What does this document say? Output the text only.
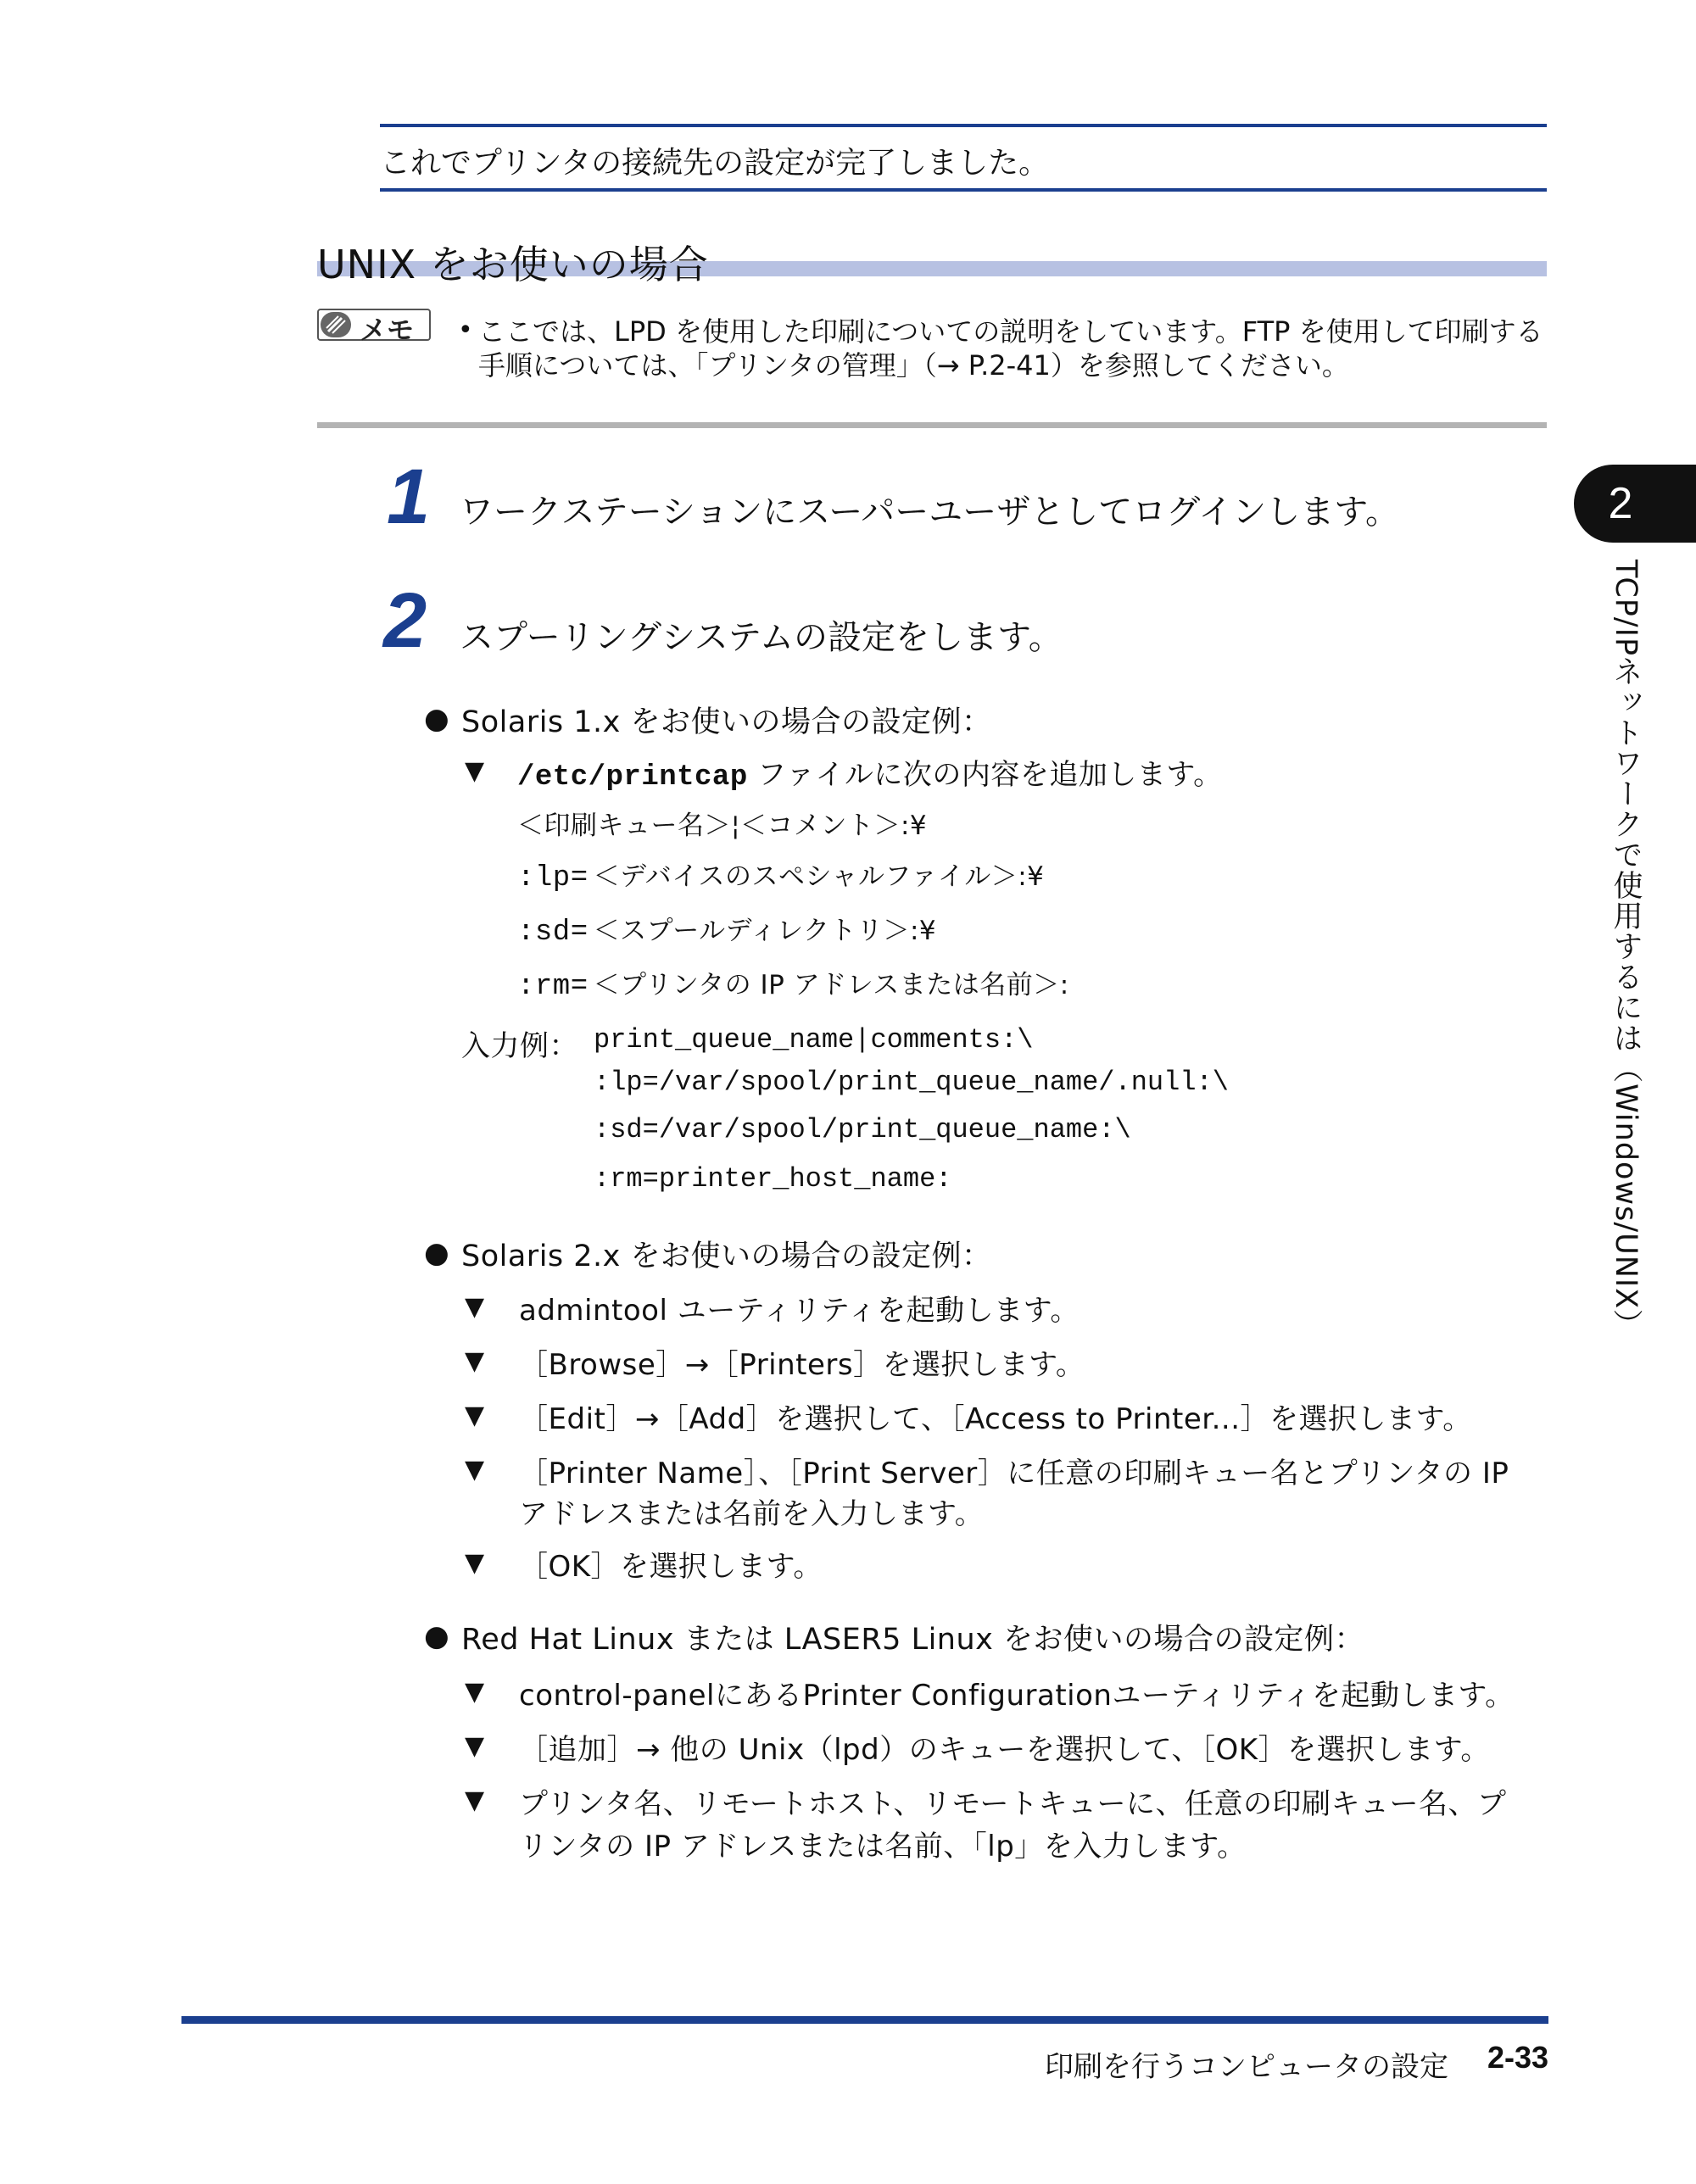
これでプリンタの接続先の設定が完了しました。
UNIX をお使いの場合
メモ • ここでは、LPD を使用した印刷についての説明をしています。FTP を使用して印刷する
手順については、「プリンタの管理」（→ P.2-41）を参照してください。
1 ワークステーションにスーパーユーザとしてログインします。
2 スプーリングシステムの設定をします。
● Solaris 1.x をお使いの場合の設定例：
▼ /etc/printcap ファイルに次の内容を追加します。
＜印刷キュー名＞¦＜コメント＞:¥
:lp= ＜デバイスのスペシャルファイル＞:¥
:sd= ＜スプールディレクトリ＞:¥
:rm= ＜プリンタの IP アドレスまたは名前＞:
入力例： print_queue_name|comments:\
:lp=/var/spool/print_queue_name/.null:\
:sd=/var/spool/print_queue_name:\
:rm=printer_host_name:
● Solaris 2.x をお使いの場合の設定例：
▼ admintool ユーティリティを起動します。
▼ ［Browse］→［Printers］を選択します。
▼ ［Edit］→［Add］を選択して、［Access to Printer...］を選択します。
▼ ［Printer Name］、［Print Server］に任意の印刷キュー名とプリンタの IP
アドレスまたは名前を入力します。
▼ ［OK］を選択します。
● Red Hat Linux または LASER5 Linux をお使いの場合の設定例：
▼ control-panelにあるPrinter Configurationユーティリティを起動します。
▼ ［追加］→ 他の Unix（lpd）のキューを選択して、［OK］を選択します。
▼ プリンタ名、リモートホスト、リモートキューに、任意の印刷キュー名、プ
リンタの IP アドレスまたは名前、「lp」を入力します。
2
TCP/IPネットワークで使用するには（Windows/UNIX）
印刷を行うコンピュータの設定 2-33
